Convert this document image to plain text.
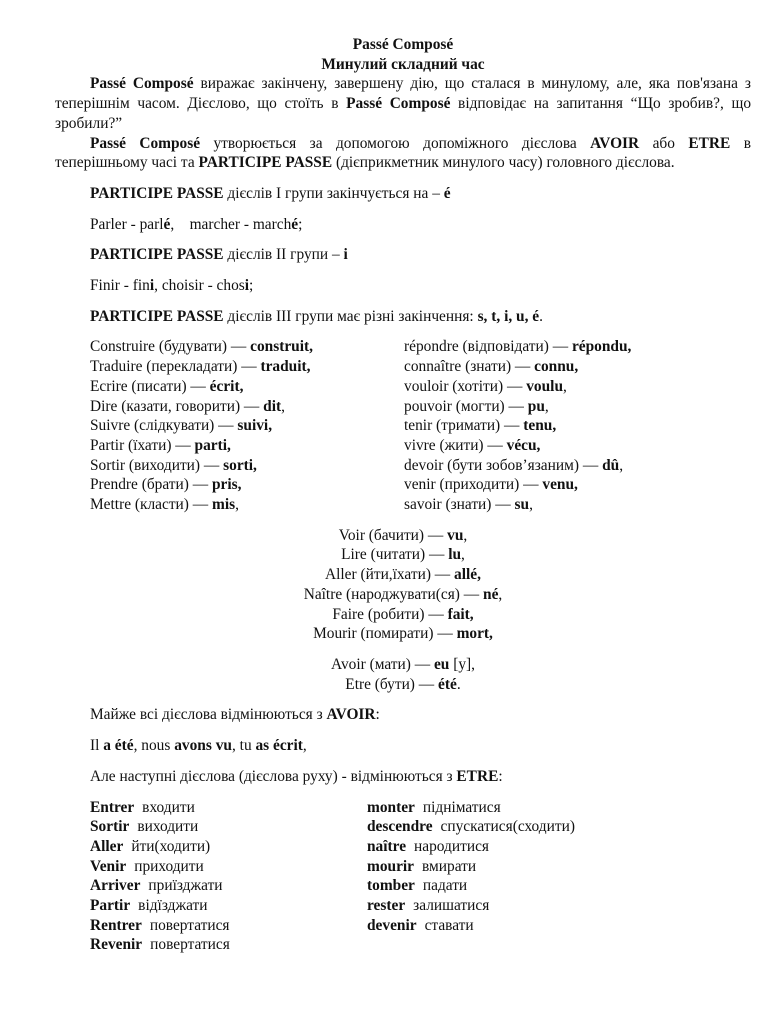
Passé Composé
Минулий складний час
Passé Composé виражає закінчену, завершену дію, що сталася в минулому, але, яка пов'язана з теперішнім часом. Дієслово, що стоїть в Passé Composé відповідає на запитання “Що зробив?, що зробили?”
Passé Composé утворюється за допомогою допоміжного дієслова AVOIR або ETRE в теперішньому часі та PARTICIPE PASSE (дієприкметник минулого часу) головного дієслова.
PARTICIPE PASSE дієслів I групи закінчується на – é
Parler - parlé,    marcher - marché;
PARTICIPE PASSE дієслів II групи – i
Finir - fini, choisir - chosi;
PARTICIPE PASSE дієслів III групи має різні закінчення: s, t, i, u, é.
Construire (будувати) — construit,	répondre (відповідати) — répondu,
Traduire (перекладати) — traduit,	connaître (знати) — connu,
Ecrire (писати) — écrit,	vouloir (хотіти) — voulu,
Dire (казати, говорити) — dit,	pouvoir (могти) — pu,
Suivre (слідкувати) — suivi,	tenir (тримати) — tenu,
Partir (їхати) — parti,	vivre (жити) — vécu,
Sortir (виходити) — sorti,	devoir (бути зобов’язаним) — dû,
Prendre (брати) — pris,	venir (приходити) — venu,
Mettre (класти) — mis,	savoir (знати) — su,
Voir (бачити) — vu,
Lire (читати) — lu,
Aller (йти,їхати) — allé,
Naître (народжувати(ся) — né,
Faire (робити) — fait,
Mourir (помирати) — mort,
Avoir (мати) — eu [y],
Etre (бути) — été.
Майже всі дієслова відмінюються з AVOIR:
Il a été, nous avons vu, tu as écrit,
Але наступні дієслова (дієслова руху) - відмінюються з ETRE:
Entrer входити	monter підніматися
Sortir виходити	descendre спускатися(сходити)
Aller йти(ходити)	naître народитися
Venir приходити	mourir вмирати
Arriver приїзджати	tomber падати
Partir відїзджати	rester залишатися
Rentrer повертатися	devenir ставати
Revenir повертатися
